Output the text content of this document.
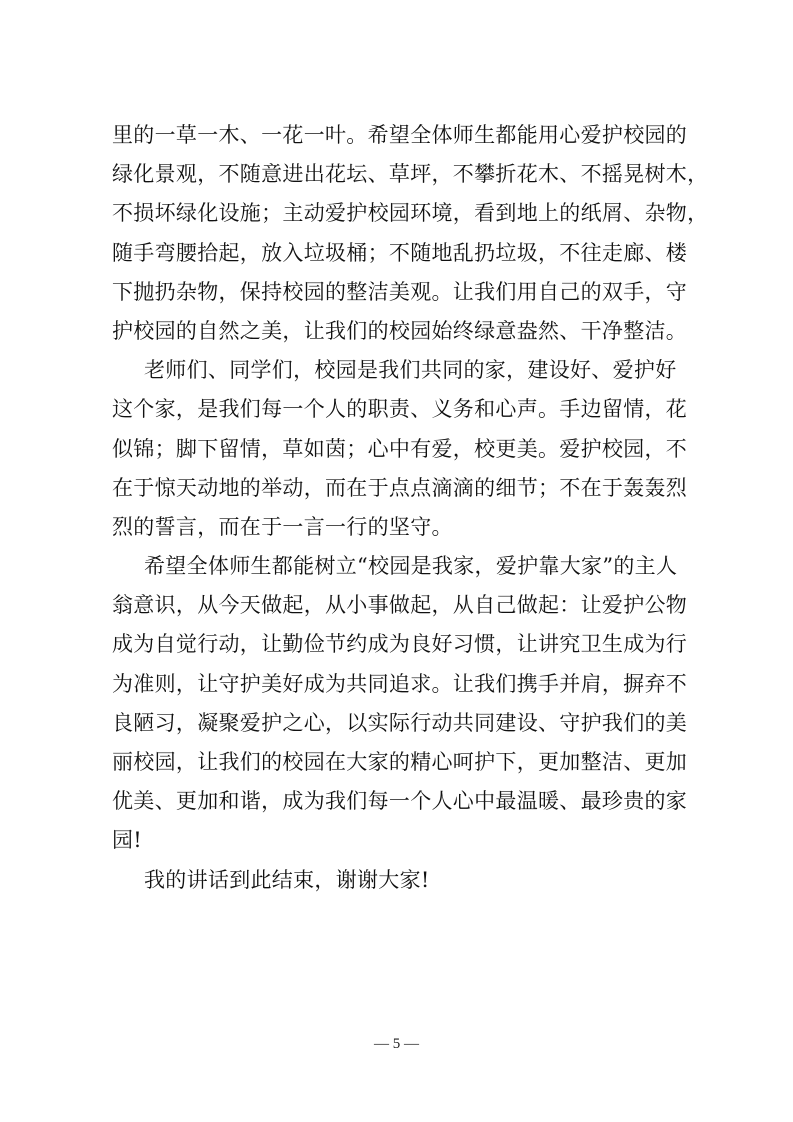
里的一草一木、一花一叶。希望全体师生都能用心爱护校园的
绿化景观，不随意进出花坛、草坪，不攀折花木、不摇晃树木，
不损坏绿化设施；主动爱护校园环境，看到地上的纸屑、杂物，
随手弯腰拾起，放入垃圾桶；不随地乱扔垃圾，不往走廊、楼
下抛扔杂物，保持校园的整洁美观。让我们用自己的双手，守
护校园的自然之美，让我们的校园始终绿意盎然、干净整洁。
老师们、同学们，校园是我们共同的家，建设好、爱护好
这个家，是我们每一个人的职责、义务和心声。手边留情，花
似锦；脚下留情，草如茵；心中有爱，校更美。爱护校园，不
在于惊天动地的举动，而在于点点滴滴的细节；不在于轰轰烈
烈的誓言，而在于一言一行的坚守。
希望全体师生都能树立“校园是我家，爱护靠大家”的主人
翁意识，从今天做起，从小事做起，从自己做起：让爱护公物
成为自觉行动，让勤俭节约成为良好习惯，让讲究卫生成为行
为准则，让守护美好成为共同追求。让我们携手并肩，摒弃不
良陋习，凝聚爱护之心，以实际行动共同建设、守护我们的美
丽校园，让我们的校园在大家的精心呵护下，更加整洁、更加
优美、更加和谐，成为我们每一个人心中最温暖、最珍贵的家
园!
我的讲话到此结束，谢谢大家!
— 5 —
